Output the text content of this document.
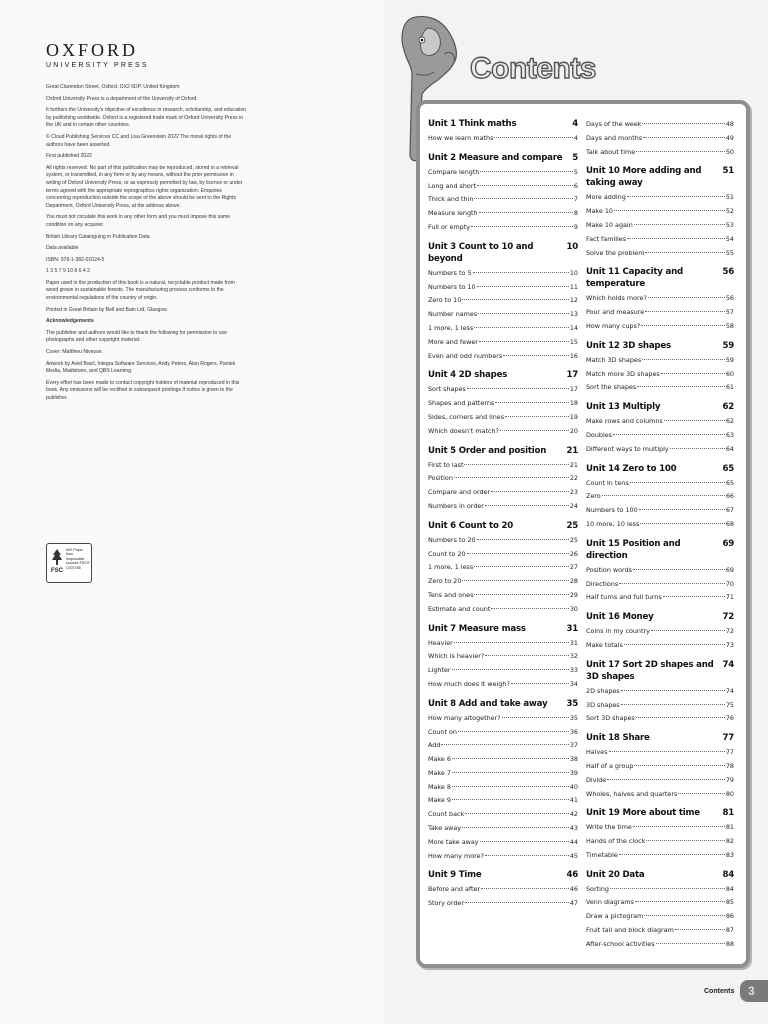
OXFORD
UNIVERSITY PRESS

Great Clarendon Street, Oxford, OX2 6DP, United Kingdom

Oxford University Press is a department of the University of Oxford.

It furthers the University's objective of excellence in research, scholarship, and education by publishing worldwide. Oxford is a registered trade mark of Oxford University Press in the UK and in certain other countries.

© Cloud Publishing Services CC and Lisa Greenstein 2022 The moral rights of the authors have been asserted.

First published 2022

All rights reserved. No part of this publication may be reproduced, stored in a retrieval system, or transmitted, in any form or by any means, without the prior permission in writing of Oxford University Press, or as expressly permitted by law, by licence or under terms agreed with the appropriate reprographics rights organization. Enquiries concerning reproduction outside the scope of the above should be sent to the Rights Department, Oxford University Press, at the address above.

You must not circulate this work in any other form and you must impose this same condition on any acquirer.

British Library Cataloguing in Publication Data

Data available

ISBN: 978-1-382-01024-5

1 3 5 7 9 10 8 6 4 2

Paper used in the production of this book is a natural, recyclable product made from wood grown in sustainable forests. The manufacturing process conforms to the environmental regulations of the country of origin.

Printed in Great Britain by Bell and Bain Ltd, Glasgow

Acknowledgements

The publisher and authors would like to thank the following for permission to use photographs and other copyright material:

Cover: Matthieu Nivesse.

Artwork by Aviel Basil, Integra Software Services, Andy Peters, Alan Rogers, Pantek Media, Maidstone, and QBS Learning.

Every effort has been made to contact copyright holders of material reproduced in this book. Any omissions will be rectified in subsequent printings if notice is given to the publisher.

FSC
MIX Paper from responsible sources FSC® C007785
Contents
Unit 1 Think maths	4
How we learn maths	4
Unit 2 Measure and compare 5
Compare length	5
Long and short	6
Thick and thin	7
Measure length	8
Full or empty	9
Unit 3 Count to 10 and beyond
10
Numbers to 5	10
Numbers to 10	11
Zero to 10	12
Number names	13
1 more, 1 less	14
More and fewer	15
Even and odd numbers	16
Unit 4 2D shapes	17
Sort shapes	17
Shapes and patterns	18
Sides, corners and lines	19
Which doesn't match?	20
Unit 5 Order and position 21
First to last	21
Position	22
Compare and order	23
Numbers in order	24
Unit 6 Count to 20	25
Numbers to 20	25
Count to 20	26
1 more, 1 less	27
Zero to 20	28
Tens and ones	29
Estimate and count	30
Unit 7 Measure mass	31
Heavier	31
Which is heavier?	32
Lighter	33
How much does it weigh?	34
Unit 8 Add and take away 35
How many altogether?	35
Count on	36
Add	37
Make 6	38
Make 7	39
Make 8	40
Make 9	41
Count back	42
Take away	43
More take away	44
How many more?	45
Unit 9 Time	46
Before and after	46
Story order	47
Days of the week	48
Days and months	49
Talk about time	50
Unit 10 More adding and taking away
51
More adding	51
Make 10	52
Make 10 again	53
Fact families	54
Solve the problem	55
Unit 11 Capacity and temperature
56
Which holds more?	56
Pour and measure	57
How many cups?	58
Unit 12 3D shapes	59
Match 3D shapes	59
Match more 3D shapes	60
Sort the shapes	61
Unit 13 Multiply	62
Make rows and columns	62
Doubles	63
Different ways to multiply	64
Unit 14 Zero to 100	65
Count in tens	65
Zero	66
Numbers to 100	67
10 more, 10 less	68
Unit 15 Position and direction
69
Position words	69
Directions	70
Half turns and full turns	71
Unit 16 Money	72
Coins in my country	72
Make totals	73
Unit 17 Sort 2D shapes and 3D shapes
74
2D shapes	74
3D shapes	75
Sort 3D shapes	76
Unit 18 Share	77
Halves	77
Half of a group	78
Divide	79
Wholes, halves and quarters	80
Unit 19 More about time	81
Write the time	81
Hands of the clock	82
Timetable	83
Unit 20 Data	84
Sorting	84
Venn diagrams	85
Draw a pictogram	86
Fruit tall and block diagram	87
After-school activities	88
Contents 3
